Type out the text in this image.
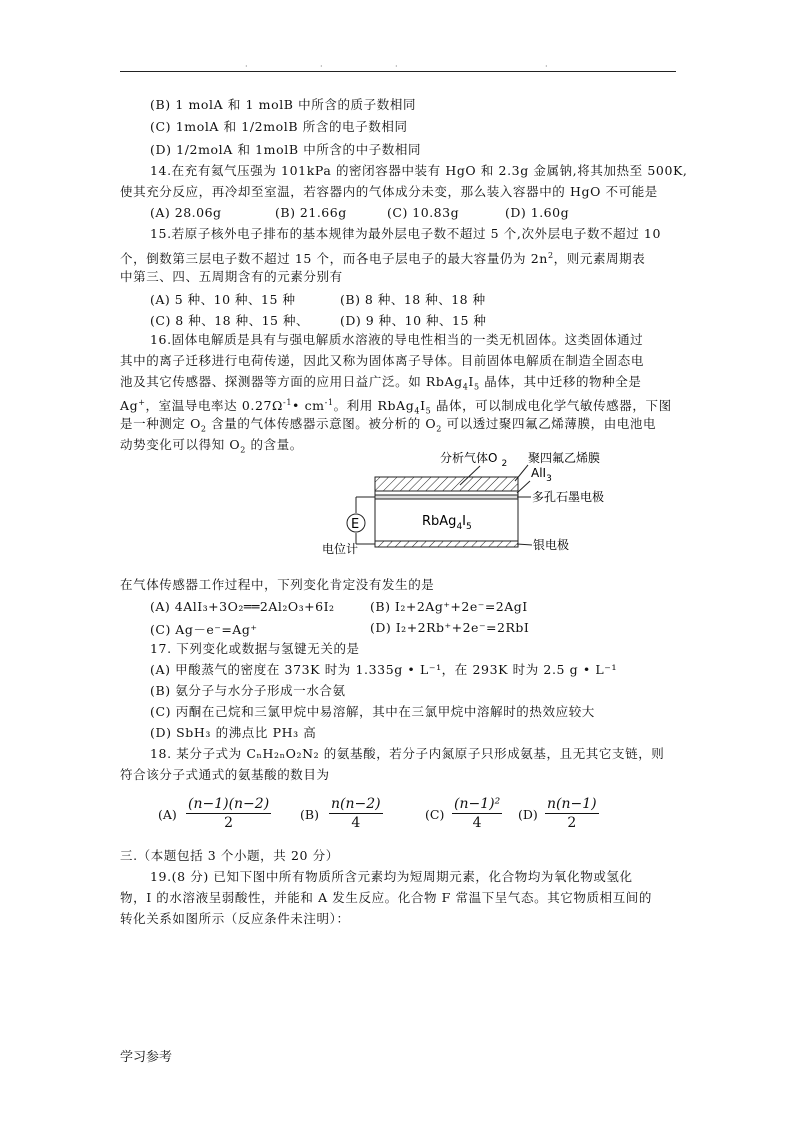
·	·	·	·
(B) 1 molA 和 1 molB 中所含的质子数相同
(C) 1molA 和 1/2molB 所含的电子数相同
(D) 1/2molA 和 1molB 中所含的中子数相同
14.在充有氦气压强为 101kPa 的密闭容器中装有 HgO 和 2.3g 金属钠,将其加热至 500K,
使其充分反应，再冷却至室温，若容器内的气体成分未变，那么装入容器中的 HgO 不可能是
(A) 28.06g	(B) 21.66g	(C) 10.83g	(D) 1.60g
15.若原子核外电子排布的基本规律为最外层电子数不超过 5 个,次外层电子数不超过 10
个，倒数第三层电子数不超过 15 个，而各电子层电子的最大容量仍为 $2n^2$，则元素周期表
中第三、四、五周期含有的元素分别有
(A) 5 种、10 种、15 种	(B) 8 种、18 种、18 种
(C) 8 种、18 种、15 种、 (D) 9 种、10 种、15 种
16.固体电解质是具有与强电解质水溶液的导电性相当的一类无机固体。这类固体通过
其中的离子迁移进行电荷传递，因此又称为固体离子导体。目前固体电解质在制造全固态电
池及其它传感器、探测器等方面的应用日益广泛。如 $RbAg_4I_5$ 晶体，其中迁移的物种全是
Ag+，室温导电率达 $0.27\Omega^{-1}•$ $cm^{-1}$。利用 $RbAg_4I_5$ 晶体，可以制成电化学气敏传感器，下图
是一种测定 $O_2$ 含量的气体传感器示意图。被分析的 $O_2$ 可以透过聚四氟乙烯薄膜，由电池电
动势变化可以得知 $O_2$ 的含量。
$RbAg_4I_5$
E
电位计
分析气体O $_2$ 聚四氟乙烯膜
AlI$_3$
多孔石墨电极
银电极
在气体传感器工作过程中，下列变化肯定没有发生的是
(A) 4AlI₃+3O₂══2Al₂O₃+6I₂	(B) I₂+2Ag⁺+2e⁻=2AgI
(C) Ag－e⁻=Ag⁺	(D) I₂+2Rb⁺+2e⁻=2RbI
17. 下列变化或数据与氢键无关的是
(A) 甲酸蒸气的密度在 373K 时为 1.335g • L⁻¹，在 293K 时为 2.5 g • L⁻¹
(B) 氨分子与水分子形成一水合氨
(C) 丙酮在己烷和三氯甲烷中易溶解，其中在三氯甲烷中溶解时的热效应较大
(D) SbH₃ 的沸点比 PH₃ 高
18. 某分子式为 CₙH₂ₙO₂N₂ 的氨基酸，若分子内氮原子只形成氨基，且无其它支链，则
符合该分子式通式的氨基酸的数目为
(A)
(n−1)(n−2)
2
(B)
n(n−2)
4
(C)
(n−1)²
4
(D)
n(n−1)
2
三.（本题包括 3 个小题，共 20 分）
19.(8 分) 已知下图中所有物质所含元素均为短周期元素，化合物均为氧化物或氢化
物，I 的水溶液呈弱酸性，并能和 A 发生反应。化合物 F 常温下呈气态。其它物质相互间的
转化关系如图所示（反应条件未注明）：
学习参考
